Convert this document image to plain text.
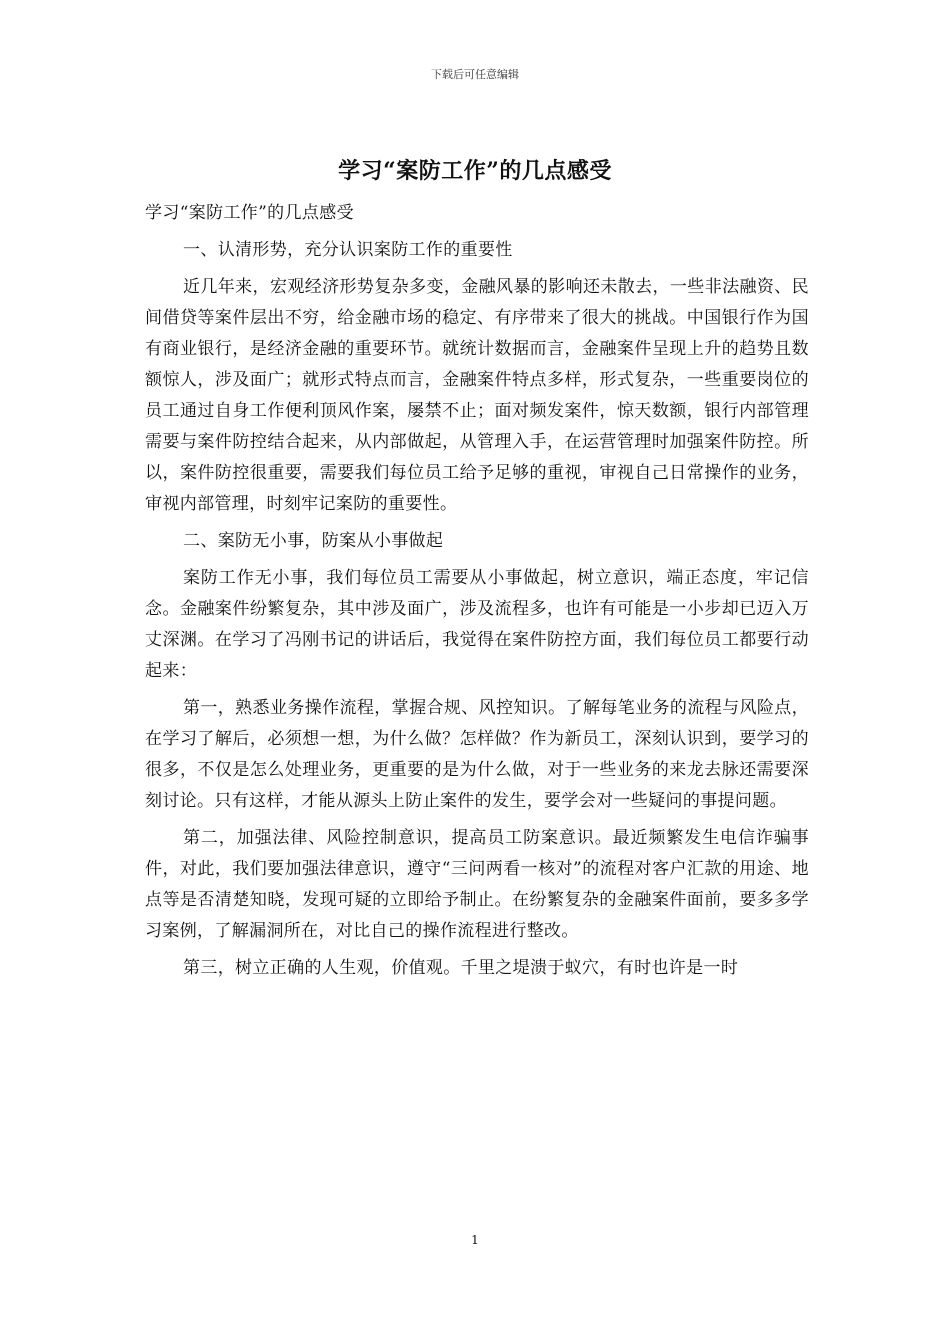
下载后可任意编辑
学习“案防工作”的几点感受

学习“案防工作”的几点感受

一、认清形势，充分认识案防工作的重要性

近几年来，宏观经济形势复杂多变，金融风暴的影响还未散去，一些非法融资、民间借贷等案件层出不穷，给金融市场的稳定、有序带来了很大的挑战。中国银行作为国有商业银行，是经济金融的重要环节。就统计数据而言，金融案件呈现上升的趋势且数额惊人，涉及面广；就形式特点而言，金融案件特点多样，形式复杂，一些重要岗位的员工通过自身工作便利顶风作案，屡禁不止；面对频发案件，惊天数额，银行内部管理需要与案件防控结合起来，从内部做起，从管理入手，在运营管理时加强案件防控。所以，案件防控很重要，需要我们每位员工给予足够的重视，审视自己日常操作的业务，审视内部管理，时刻牢记案防的重要性。

二、案防无小事，防案从小事做起

案防工作无小事，我们每位员工需要从小事做起，树立意识，端正态度，牢记信念。金融案件纷繁复杂，其中涉及面广，涉及流程多，也许有可能是一小步却已迈入万丈深渊。在学习了冯刚书记的讲话后，我觉得在案件防控方面，我们每位员工都要行动起来：

第一，熟悉业务操作流程，掌握合规、风控知识。了解每笔业务的流程与风险点，在学习了解后，必须想一想，为什么做？怎样做？作为新员工，深刻认识到，要学习的很多，不仅是怎么处理业务，更重要的是为什么做，对于一些业务的来龙去脉还需要深刻讨论。只有这样，才能从源头上防止案件的发生，要学会对一些疑问的事提问题。

第二，加强法律、风险控制意识，提高员工防案意识。最近频繁发生电信诈骗事件，对此，我们要加强法律意识，遵守“三问两看一核对”的流程对客户汇款的用途、地点等是否清楚知晓，发现可疑的立即给予制止。在纷繁复杂的金融案件面前，要多多学习案例，了解漏洞所在，对比自己的操作流程进行整改。

第三，树立正确的人生观，价值观。千里之堤溃于蚁穴，有时也许是一时

1
